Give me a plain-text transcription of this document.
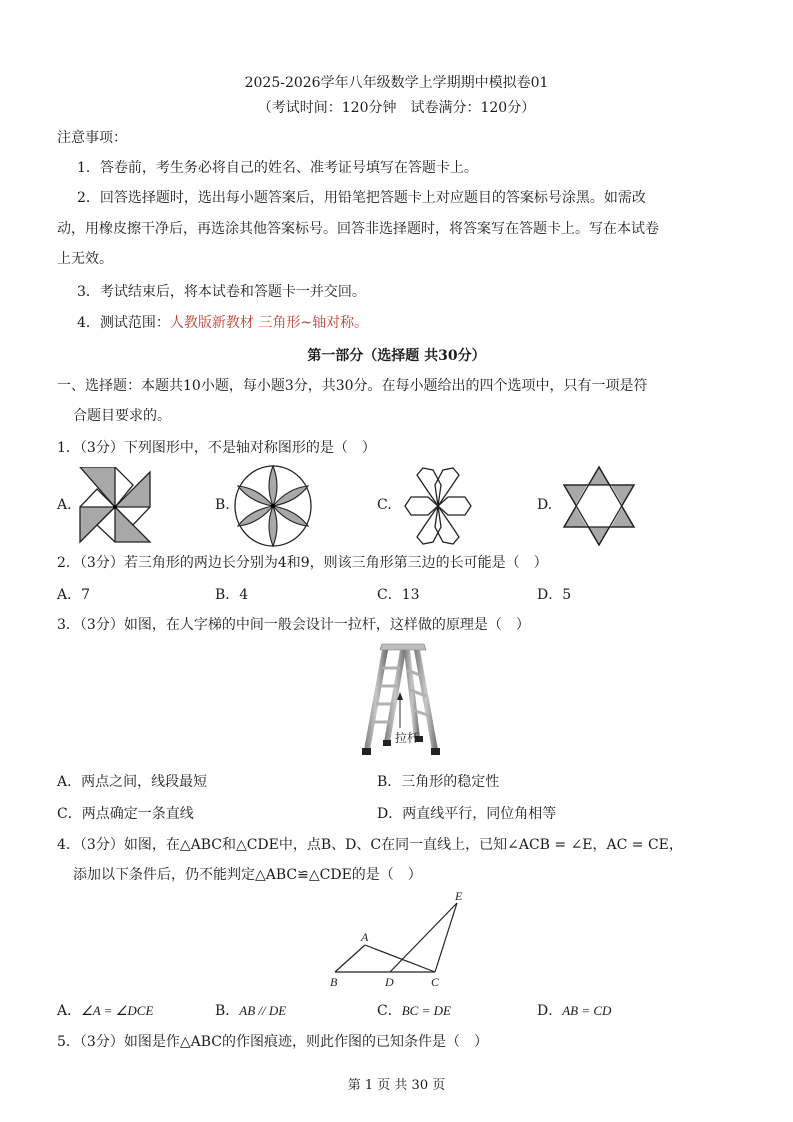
2025-2026学年八年级数学上学期期中模拟卷01
（考试时间：120分钟　试卷满分：120分）
注意事项：
1．答卷前，考生务必将自己的姓名、准考证号填写在答题卡上。
2．回答选择题时，选出每小题答案后，用铅笔把答题卡上对应题目的答案标号涂黑。如需改
动，用橡皮擦干净后，再选涂其他答案标号。回答非选择题时，将答案写在答题卡上。写在本试卷
上无效。
3．考试结束后，将本试卷和答题卡一并交回。
4．测试范围：人教版新教材 三角形~轴对称。
第一部分（选择题 共30分）
一、选择题：本题共10小题，每小题3分，共30分。在每小题给出的四个选项中，只有一项是符
合题目要求的。
1．（3分）下列图形中，不是轴对称图形的是（　）
A.	B.	C.	D.
2．（3分）若三角形的两边长分别为4和9，则该三角形第三边的长可能是（　）
A．7	B．4	C．13	D．5
3．（3分）如图，在人字梯的中间一般会设计一拉杆，这样做的原理是（　）
拉杆
A．两点之间，线段最短	B．三角形的稳定性
C．两点确定一条直线	D．两直线平行，同位角相等
4．（3分）如图，在△ABC和△CDE中，点B、D、C在同一直线上，已知∠ACB = ∠E，AC = CE，
添加以下条件后，仍不能判定△ABC≌△CDE的是（　）
A
B	C
D
E
A．∠A = ∠DCE	B．AB // DE	C．BC = DE	D．AB = CD
5．（3分）如图是作△ABC的作图痕迹，则此作图的已知条件是（　）
第 1 页 共 30 页
